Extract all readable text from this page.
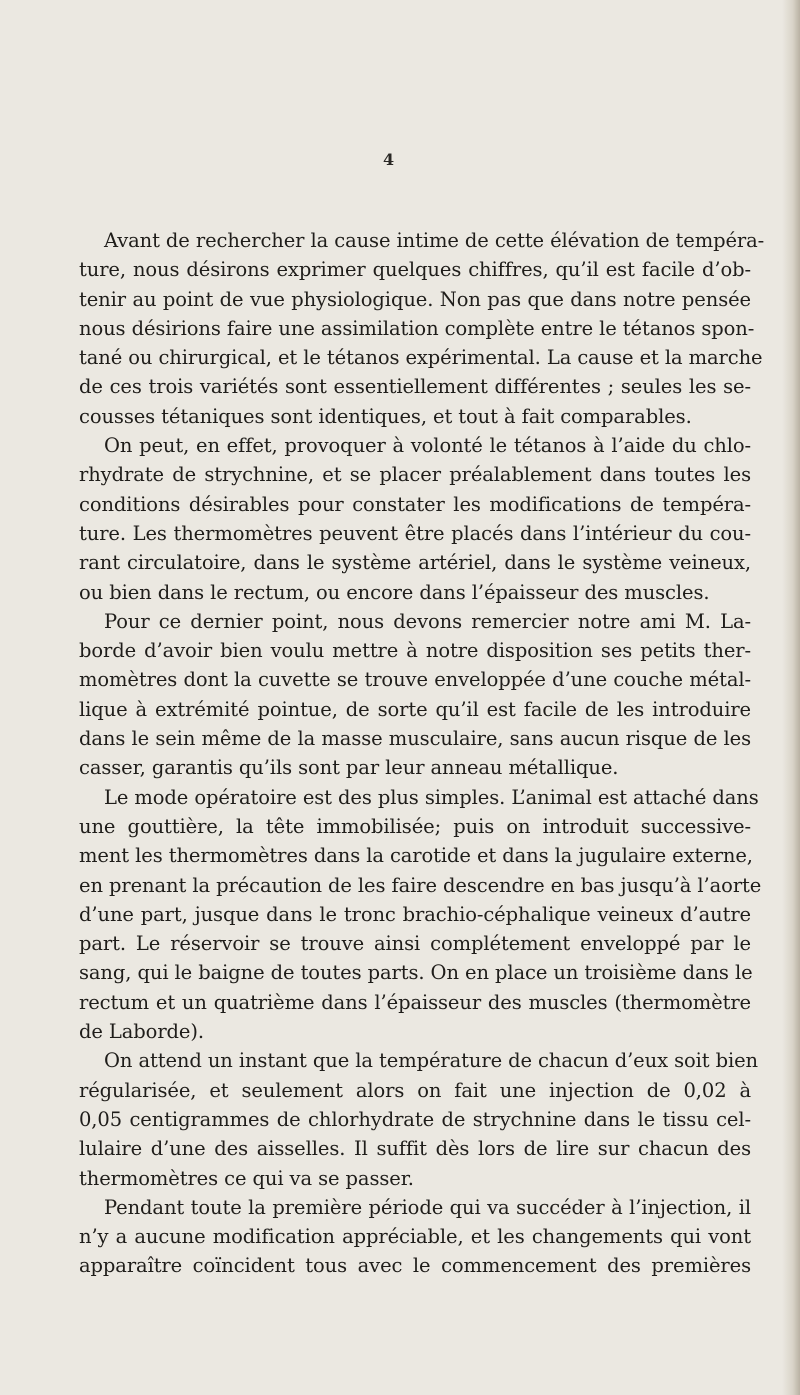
4
Avant de rechercher la cause intime de cette élévation de tempéra-
ture, nous désirons exprimer quelques chiffres, qu’il est facile d’ob-
tenir au point de vue physiologique. Non pas que dans notre pensée
nous désirions faire une assimilation complète entre le tétanos spon-
tané ou chirurgical, et le tétanos expérimental. La cause et la marche
de ces trois variétés sont essentiellement différentes ; seules les se-
cousses tétaniques sont identiques, et tout à fait comparables.
On peut, en effet, provoquer à volonté le tétanos à l’aide du chlo-
rhydrate de strychnine, et se placer préalablement dans toutes les
conditions désirables pour constater les modifications de tempéra-
ture. Les thermomètres peuvent être placés dans l’intérieur du cou-
rant circulatoire, dans le système artériel, dans le système veineux,
ou bien dans le rectum, ou encore dans l’épaisseur des muscles.
Pour ce dernier point, nous devons remercier notre ami M. La-
borde d’avoir bien voulu mettre à notre disposition ses petits ther-
momètres dont la cuvette se trouve enveloppée d’une couche métal-
lique à extrémité pointue, de sorte qu’il est facile de les introduire
dans le sein même de la masse musculaire, sans aucun risque de les
casser, garantis qu’ils sont par leur anneau métallique.
Le mode opératoire est des plus simples. L’animal est attaché dans
une gouttière, la tête immobilisée; puis on introduit successive-
ment les thermomètres dans la carotide et dans la jugulaire externe,
en prenant la précaution de les faire descendre en bas jusqu’à l’aorte
d’une part, jusque dans le tronc brachio-céphalique veineux d’autre
part. Le réservoir se trouve ainsi complétement enveloppé par le
sang, qui le baigne de toutes parts. On en place un troisième dans le
rectum et un quatrième dans l’épaisseur des muscles (thermomètre
de Laborde).
On attend un instant que la température de chacun d’eux soit bien
régularisée, et seulement alors on fait une injection de 0,02 à
0,05 centigrammes de chlorhydrate de strychnine dans le tissu cel-
lulaire d’une des aisselles. Il suffit dès lors de lire sur chacun des
thermomètres ce qui va se passer.
Pendant toute la première période qui va succéder à l’injection, il
n’y a aucune modification appréciable, et les changements qui vont
apparaître coïncident tous avec le commencement des premières
